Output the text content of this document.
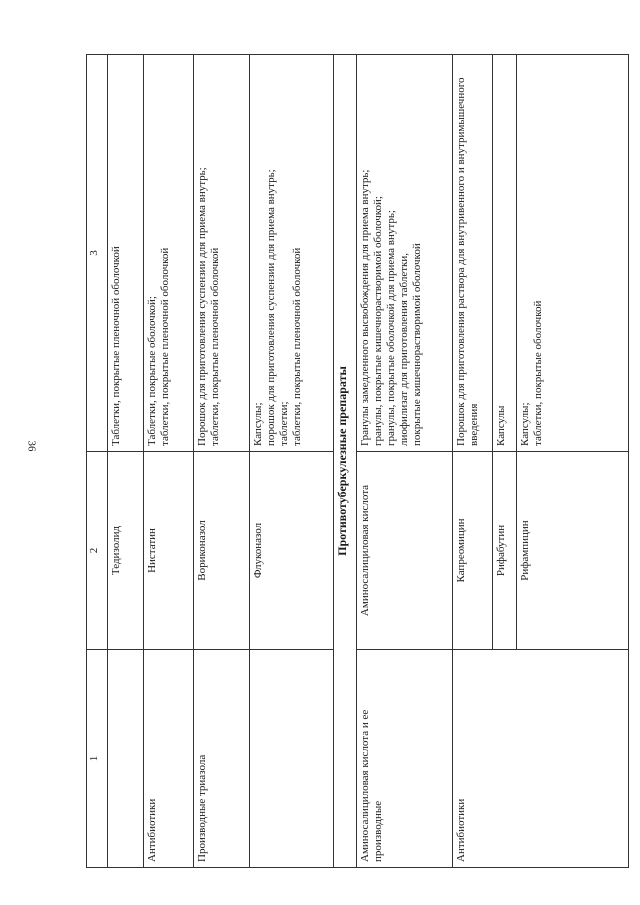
36
1	2	3
	Тедизолид	Таблетки, покрытые пленочной оболочкой

Антибиотики	Нистатин	Таблетки, покрытые оболочкой; таблетки, покрытые пленочной оболочкой

Производные триазола	Вориконазол	Порошок для приготовления суспензии для приема внутрь; таблетки, покрытые пленочной оболочкой

	Флуконазол	Капсулы; порошок для приготовления суспензии для приема внутрь; таблетки; таблетки, покрытые пленочной оболочкой

Противотуберкулезные препараты		
Аминосалициловая кислота и ее производные	Аминосалициловая кислота	Гранулы замедленного высвобождения для приема внутрь; гранулы, покрытые кишечнорастворимой оболочкой; гранулы, покрытые оболочкой для приема внутрь; лиофилизат для приготовления таблетки, покрытые кишечнорастворимой оболочкой

Антибиотики	Капреомицин	Порошок для приготовления раствора для внутривенного и внутримышечного введения

	Рифабутин	Капсулы

	Рифампицин	Капсулы; таблетки, покрытые оболочкой
